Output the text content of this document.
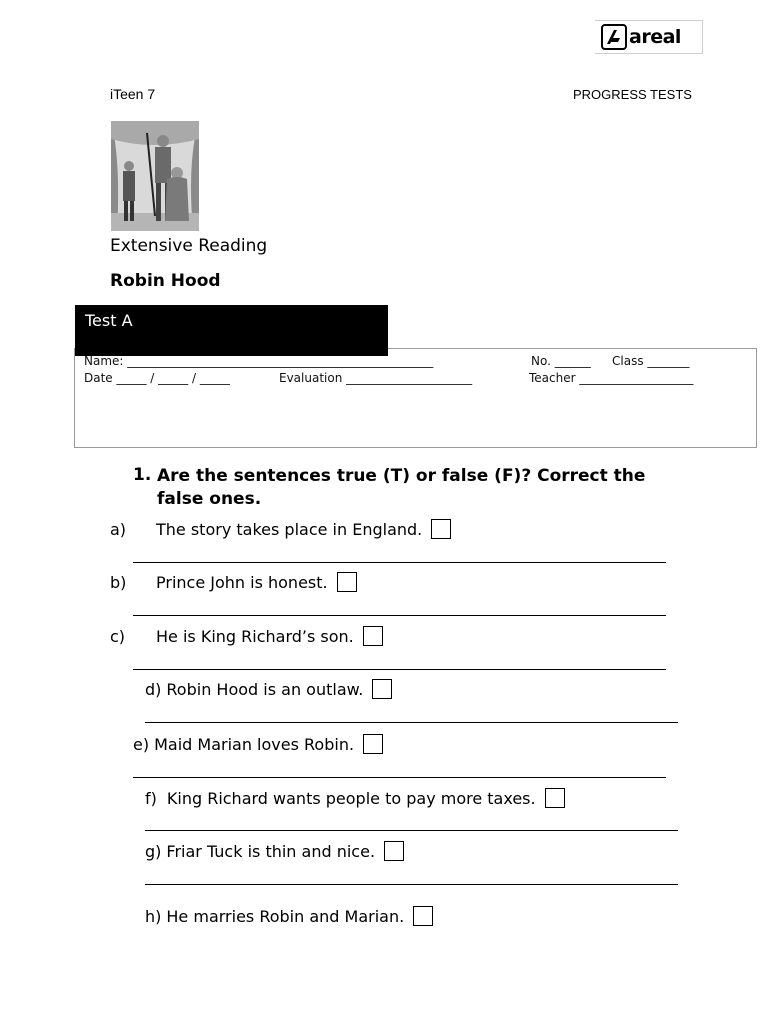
areal
iTeen 7	PROGRESS TESTS
Extensive Reading
Robin Hood
Test A
Name: ___________________________________________________	No. ______ Class _______
Date _____ / _____ / _____	Evaluation _____________________	Teacher ___________________
1. Are the sentences true (T) or false (F)? Correct the false ones.
a)	The story takes place in England.
b)	Prince John is honest.
c)	He is King Richard’s son.
d) Robin Hood is an outlaw.
e) Maid Marian loves Robin.
f) King Richard wants people to pay more taxes.
g) Friar Tuck is thin and nice.
h) He marries Robin and Marian.
